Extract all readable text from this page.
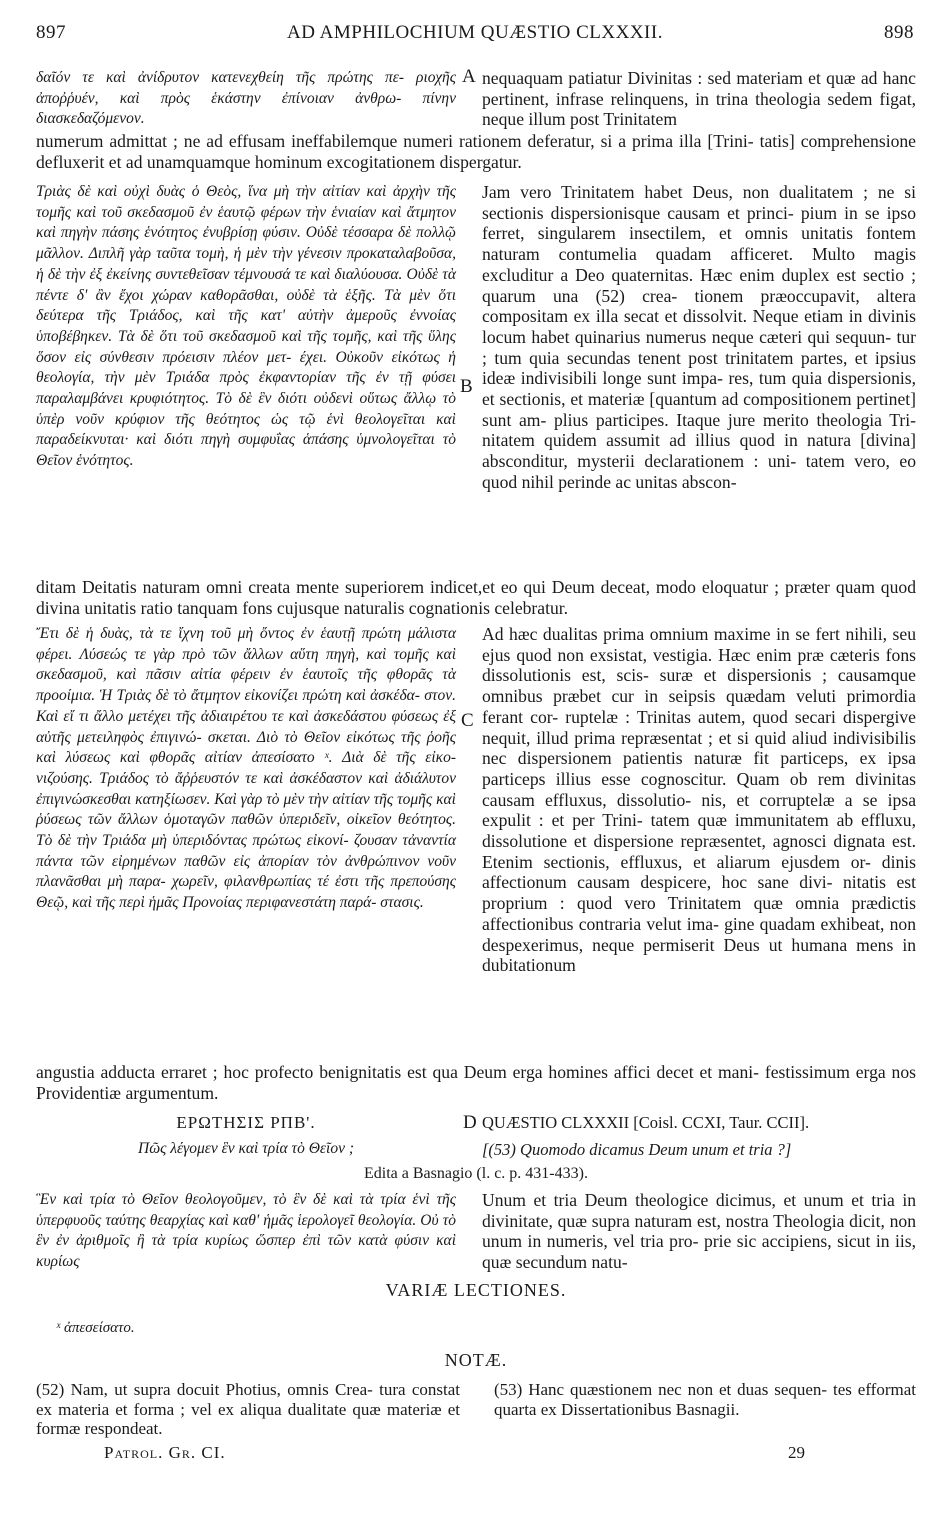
897	AD AMPHILOCHIUM QUÆSTIO CLXXXII.	898
δαῖόν τε καὶ ἀνίδρυτον κατενεχθείη τῆς πρώτης πε- ριοχῆς ἀποῤῥυέν, καὶ πρὸς ἑκάστην ἐπίνοιαν ἀνθρω- πίνην διασκεδαζόμενον.
A nequaquam patiatur Divinitas : sed materiam et quæ ad hanc pertinent, infrase relinquens, in trina theologia sedem figat, neque illum post Trinitatem
numerum admittat ; ne ad effusam ineffabilemque numeri rationem deferatur, si a prima illa [Trini- tatis] comprehensione defluxerit et ad unamquamque hominum excogitationem dispergatur.
Τριὰς δὲ καὶ οὐχὶ δυὰς ὁ Θεὸς, ἵνα μὴ τὴν αἰτίαν καὶ ἀρχὴν τῆς τομῆς καὶ τοῦ σκεδασμοῦ ἐν ἑαυτῷ φέρων τὴν ἑνιαίαν καὶ ἄτμητον καὶ πηγὴν πάσης ἑνότητος ἐνυβρίσῃ φύσιν. Οὐδὲ τέσσαρα δὲ πολλῷ μᾶλλον. Διπλῆ γὰρ ταῦτα τομὴ, ἡ μὲν τὴν γένεσιν προκαταλαβοῦσα, ἡ δὲ τὴν ἐξ ἐκείνης συντεθεῖσαν τέμνουσά τε καὶ διαλύουσα. Οὐδὲ τὰ πέντε δ' ἂν ἔχοι χώραν καθορᾶσθαι, οὐδὲ τὰ ἑξῆς. Τὰ μὲν ὅτι δεύτερα τῆς Τριάδος, καὶ τῆς κατ' αὐτὴν ἀμεροῦς ἐννοίας ὑποβέβηκεν. Τὰ δὲ ὅτι τοῦ σκεδασμοῦ καὶ τῆς τομῆς, καὶ τῆς ὕλης ὅσον εἰς σύνθεσιν πρόεισιν πλέον μετ- έχει. Οὐκοῦν εἰκότως ἡ θεολογία, τὴν μὲν Τριάδα πρὸς ἐκφαντορίαν τῆς ἐν τῇ φύσει παραλαμβάνει κρυφιότητος. Τὸ δὲ ἓν διότι οὐδενὶ οὕτως ἄλλῳ τὸ ὑπὲρ νοῦν κρύφιον τῆς θεότητος ὡς τῷ ἑνὶ θεολογεῖται καὶ παραδείκνυται· καὶ διότι πηγὴ συμφυΐας ἁπάσης ὑμνολογεῖται τὸ Θεῖον ἑνότητος.
B
Jam vero Trinitatem habet Deus, non dualitatem ; ne si sectionis dispersionisque causam et princi- pium in se ipso ferret, singularem insectilem, et omnis unitatis fontem naturam contumelia quadam afficeret. Multo magis excluditur a Deo quaternitas. Hæc enim duplex est sectio ; quarum una (52) crea- tionem præoccupavit, altera compositam ex illa secat et dissolvit. Neque etiam in divinis locum habet quinarius numerus neque cæteri qui sequun- tur ; tum quia secundas tenent post trinitatem partes, et ipsius ideæ indivisibili longe sunt impa- res, tum quia dispersionis, et sectionis, et materiæ [quantum ad compositionem pertinet] sunt am- plius participes. Itaque jure merito theologia Tri- nitatem quidem assumit ad illius quod in natura [divina] absconditur, mysterii declarationem : uni- tatem vero, eo quod nihil perinde ac unitas abscon-
ditam Deitatis naturam omni creata mente superiorem indicet,et eo qui Deum deceat, modo eloquatur ; præter quam quod divina unitatis ratio tanquam fons cujusque naturalis cognationis celebratur.
Ἔτι δὲ ἡ δυὰς, τὰ τε ἴχνη τοῦ μὴ ὄντος ἐν ἑαυτῇ πρώτη μάλιστα φέρει. Λύσεώς τε γὰρ πρὸ τῶν ἄλλων αὕτη πηγὴ, καὶ τομῆς καὶ σκεδασμοῦ, καὶ πᾶσιν αἰτία φέρειν ἐν ἑαυτοῖς τῆς φθορᾶς τὰ προοίμια. Ἡ Τριὰς δὲ τὸ ἄτμητον εἰκονίζει πρώτη καὶ ἀσκέδα- στον. Καὶ εἴ τι ἄλλο μετέχει τῆς ἀδιαιρέτου τε καὶ ἀσκεδάστου φύσεως ἐξ αὐτῆς μετειληφὸς ἐπιγινώ- σκεται. Διὸ τὸ Θεῖον εἰκότως τῆς ῥοῆς καὶ λύσεως καὶ φθορᾶς αἰτίαν ἀπεσίσατο ˣ. Διὰ δὲ τῆς εἰκο- νιζούσης. Τριάδος τὸ ἄῤῥευστόν τε καὶ ἀσκέδαστον καὶ ἀδιάλυτον ἐπιγινώσκεσθαι κατηξίωσεν. Καὶ γὰρ τὸ μὲν τὴν αἰτίαν τῆς τομῆς καὶ ῥύσεως τῶν ἄλλων ὁμοταγῶν παθῶν ὑπεριδεῖν, οἰκεῖον θεότητος. Τὸ δὲ τὴν Τριάδα μὴ ὑπεριδόντας πρώτως εἰκονί- ζουσαν τἀναντία πάντα τῶν εἰρημένων παθῶν εἰς ἀπορίαν τὸν ἀνθρώπινον νοῦν πλανᾶσθαι μὴ παρα- χωρεῖν, φιλανθρωπίας τέ ἐστι τῆς πρεπούσης Θεῷ, καὶ τῆς περὶ ἡμᾶς Προνοίας περιφανεστάτη παρά- στασις.
C
Ad hæc dualitas prima omnium maxime in se fert nihili, seu ejus quod non exsistat, vestigia. Hæc enim præ cæteris fons dissolutionis est, scis- suræ et dispersionis ; causamque omnibus præbet cur in seipsis quædam veluti primordia ferant cor- ruptelæ : Trinitas autem, quod secari dispergive nequit, illud prima repræsentat ; et si quid aliud indivisibilis nec dispersionem patientis naturæ fit particeps, ex ipsa particeps illius esse cognoscitur. Quam ob rem divinitas causam effluxus, dissolutio- nis, et corruptelæ a se ipsa expulit : et per Trini- tatem quæ immunitatem ab effluxu, dissolutione et dispersione repræsentet, agnosci dignata est. Etenim sectionis, effluxus, et aliarum ejusdem or- dinis affectionum causam despicere, hoc sane divi- nitatis est proprium : quod vero Trinitatem quæ omnia prædictis affectionibus contraria velut ima- gine quadam exhibeat, non despexerimus, neque permiserit Deus ut humana mens in dubitationum
angustia adducta erraret ; hoc profecto benignitatis est qua Deum erga homines affici decet et mani- festissimum erga nos Providentiæ argumentum.
ΕΡΩΤΗΣΙΣ ΡΠΒ'.	D QUÆSTIO CLXXXII [Coisl. CCXI, Taur. CCII].
Πῶς λέγομεν ἓν καὶ τρία τὸ Θεῖον ;	[(53) Quomodo dicamus Deum unum et tria ?]
Edita a Basnagio (l. c. p. 431-433).
Ἓν καὶ τρία τὸ Θεῖον θεολογοῦμεν, τὸ ἓν δὲ καὶ τὰ τρία ἑνὶ τῆς ὑπερφυοῦς ταύτης θεαρχίας καὶ καθ' ἡμᾶς ἱερολογεῖ θεολογία. Οὐ τὸ ἓν ἐν ἀριθμοῖς ἢ τὰ τρία κυρίως ὥσπερ ἐπὶ τῶν κατὰ φύσιν καὶ κυρίως
Unum et tria Deum theologice dicimus, et unum et tria in divinitate, quæ supra naturam est, nostra Theologia dicit, non unum in numeris, vel tria pro- prie sic accipiens, sicut in iis, quæ secundum natu-
VARIÆ LECTIONES.
ˣ ἀπεσείσατο.
NOTÆ.
(52) Nam, ut supra docuit Photius, omnis Crea- tura constat ex materia et forma ; vel ex aliqua dualitate quæ materiæ et formæ respondeat.
(53) Hanc quæstionem nec non et duas sequen- tes efformat quarta ex Dissertationibus Basnagii.
Patrol. Gr. CI.	29
